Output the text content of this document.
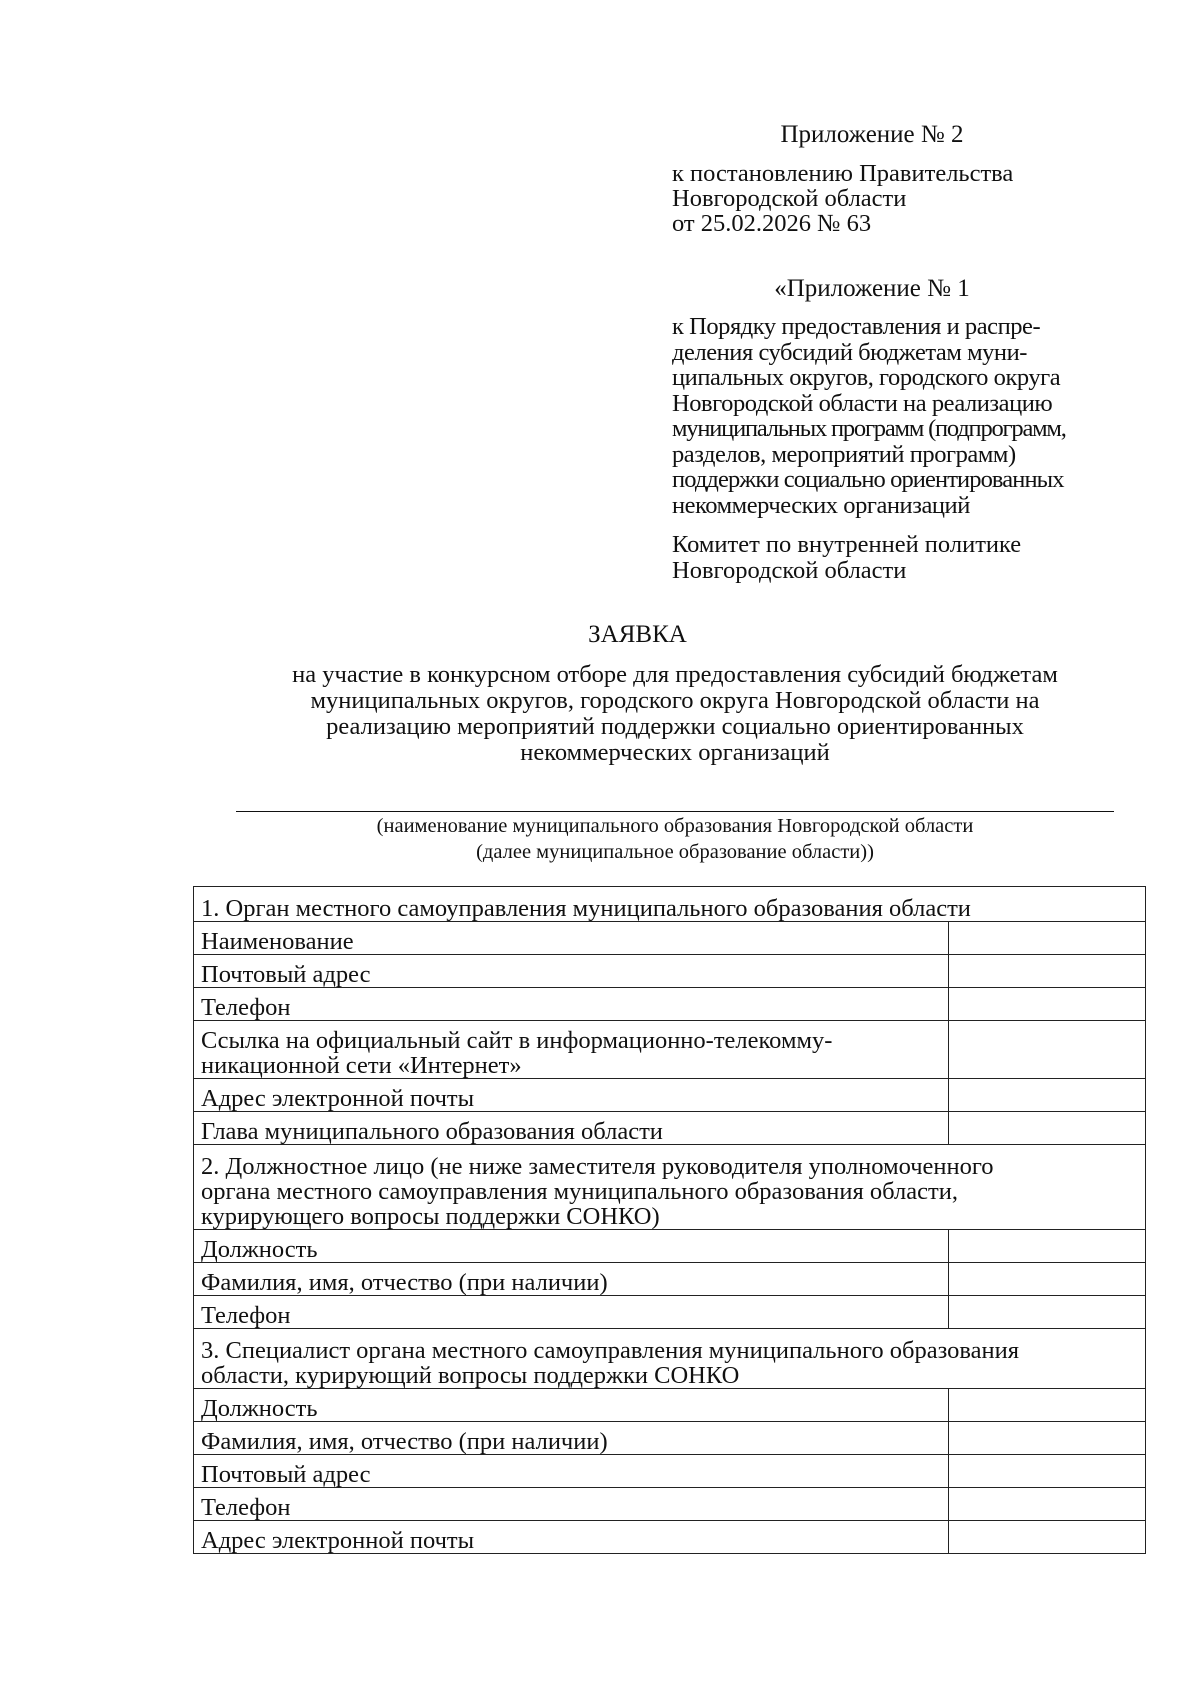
Приложение № 2
к постановлению Правительства
Новгородской области
от 25.02.2026 № 63
«Приложение № 1
к Порядку предоставления и распре-
деления субсидий бюджетам муни-
ципальных округов, городского округа
Новгородской области на реализацию
муниципальных программ (подпрограмм,
разделов, мероприятий программ)
поддержки социально ориентированных
некоммерческих организаций
Комитет по внутренней политике
Новгородской области
ЗАЯВКА
на участие в конкурсном отборе для предоставления субсидий бюджетам
муниципальных округов, городского округа Новгородской области на
реализацию мероприятий поддержки социально ориентированных
некоммерческих организаций
(наименование муниципального образования Новгородской области
(далее муниципальное образование области))
1. Орган местного самоуправления муниципального образования области	

Наименование	

Почтовый адрес	

Телефон	

Ссылка на официальный сайт в информационно-телекомму-
никационной сети «Интернет»	

Адрес электронной почты	

Глава муниципального образования области	

2. Должностное лицо (не ниже заместителя руководителя уполномоченного
органа местного самоуправления муниципального образования области,
курирующего вопросы поддержки СОНКО)	

Должность	

Фамилия, имя, отчество (при наличии)	

Телефон	

3. Специалист органа местного самоуправления муниципального образования
области, курирующий вопросы поддержки СОНКО	

Должность	

Фамилия, имя, отчество (при наличии)	

Почтовый адрес	

Телефон	

Адрес электронной почты	
